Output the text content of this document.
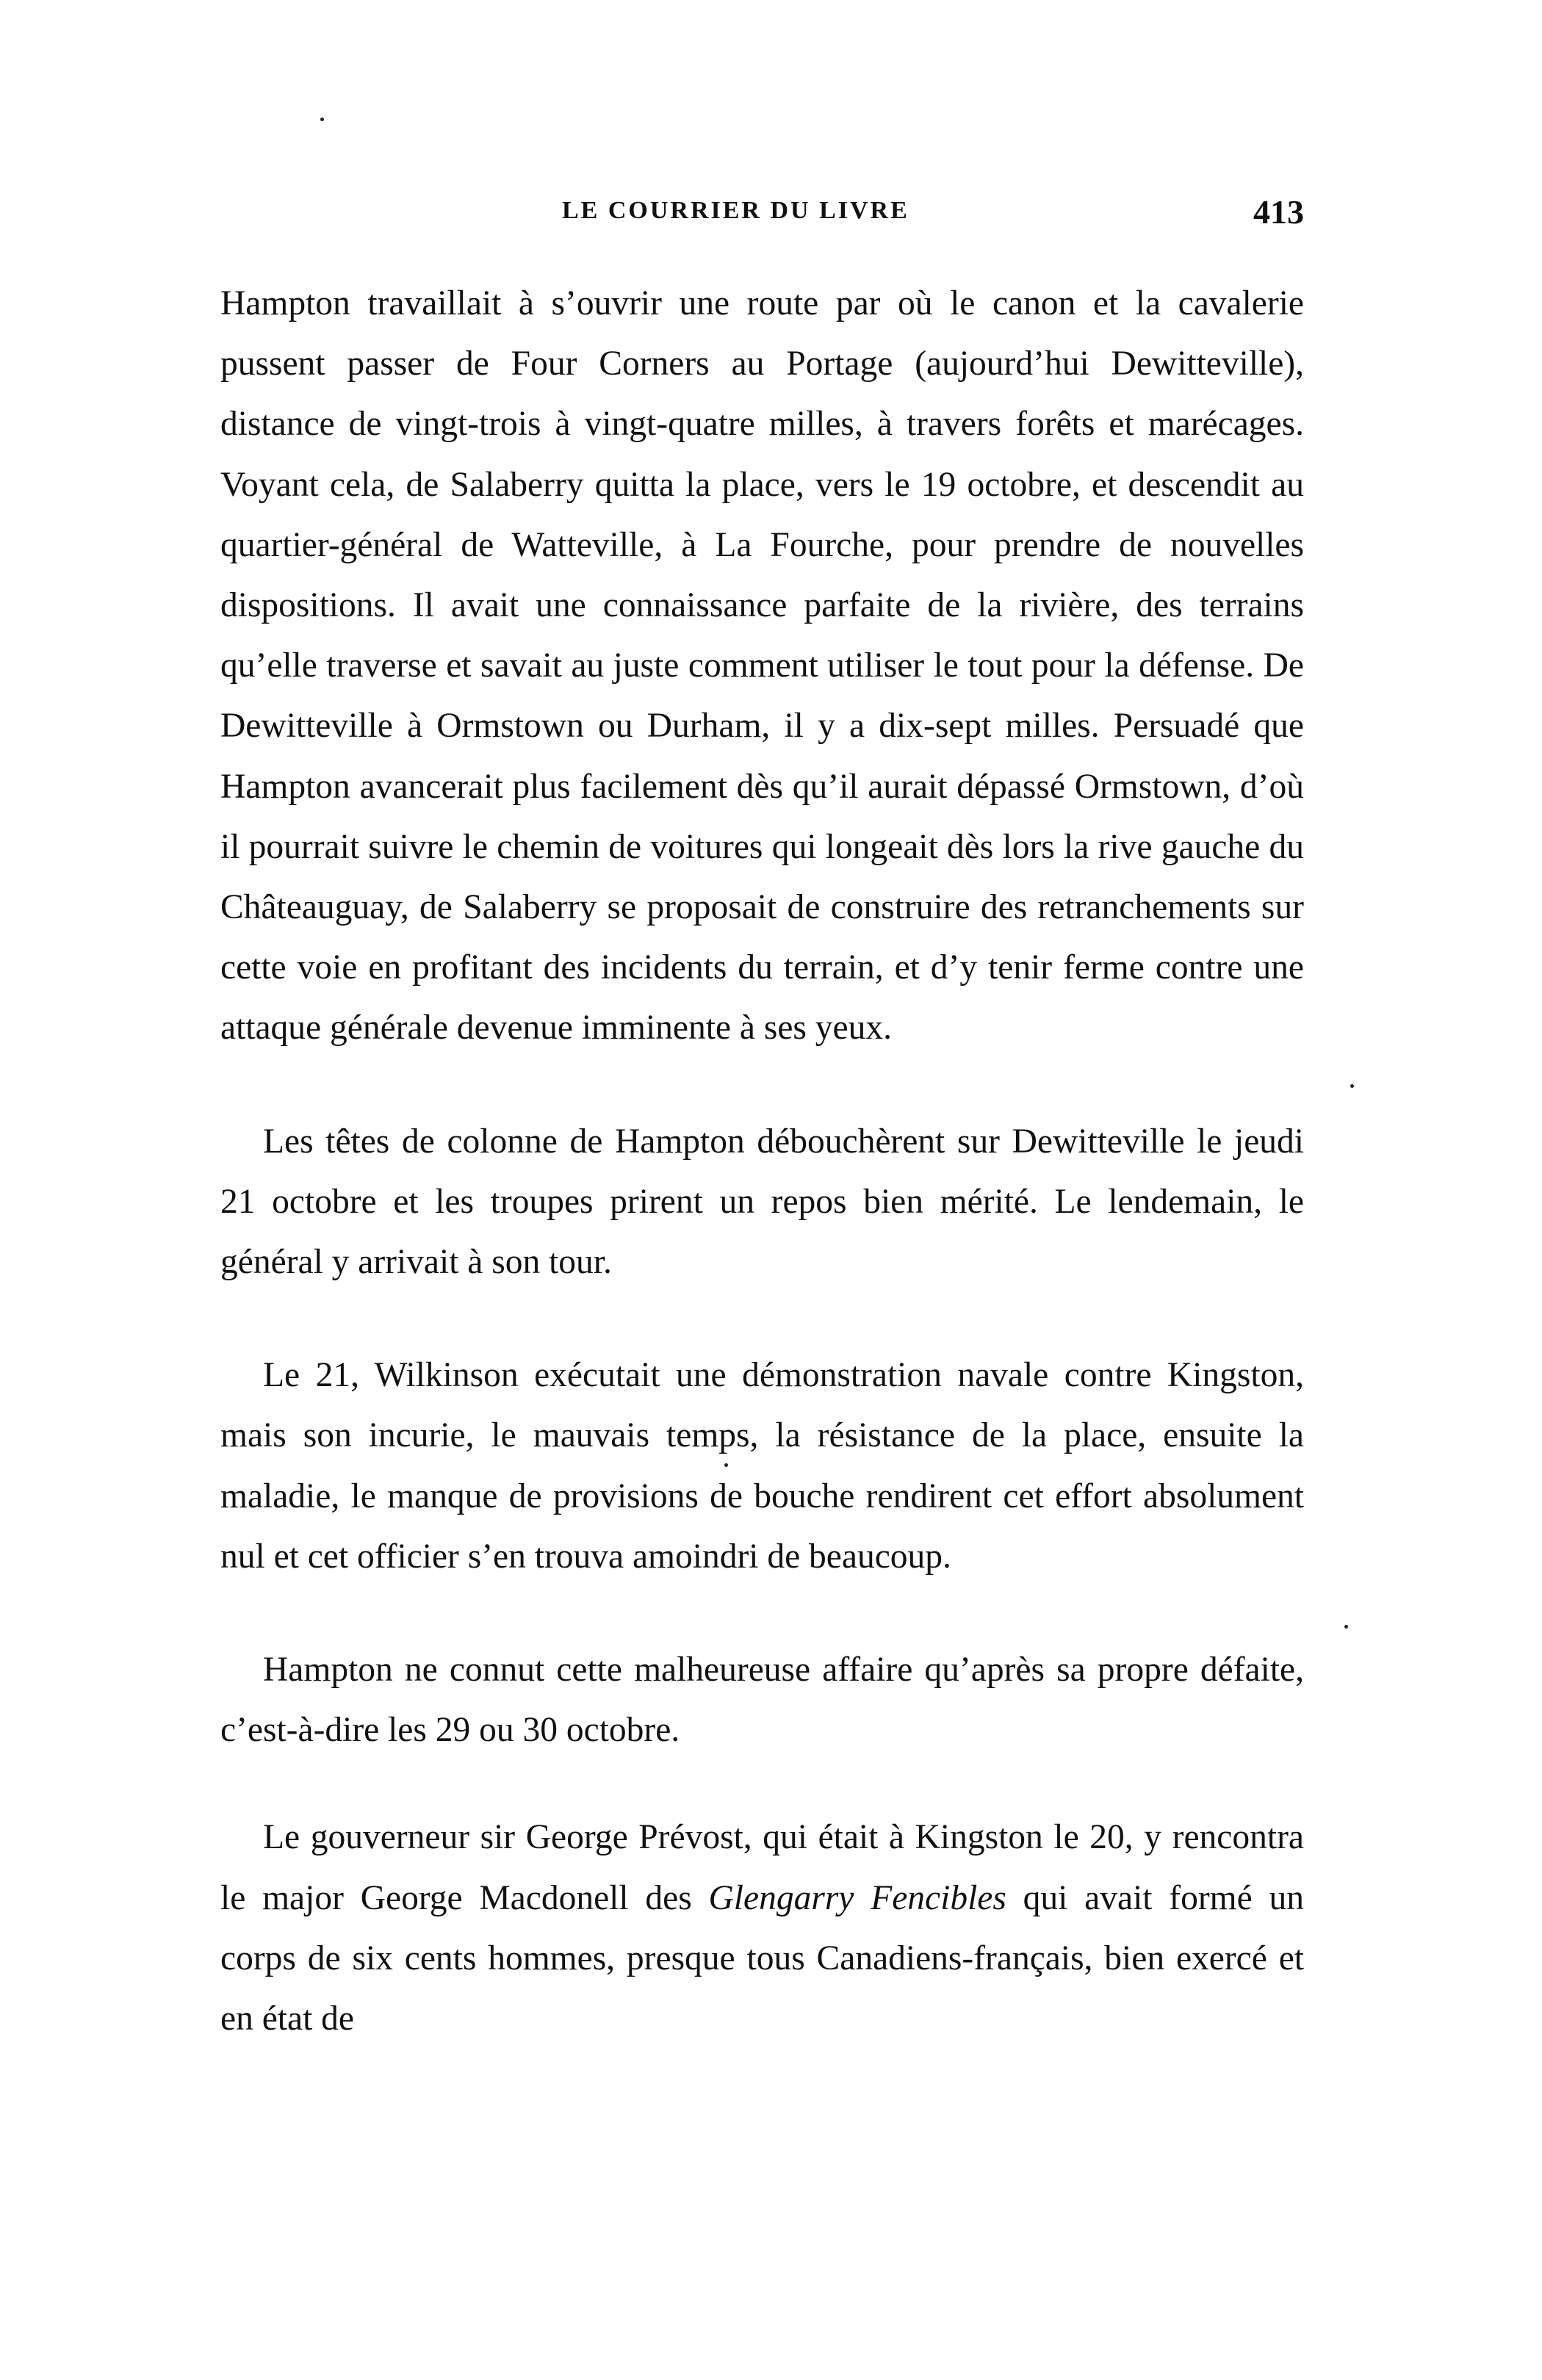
LE COURRIER DU LIVRE	413

Hampton travaillait à s’ouvrir une route par où le canon et la cavalerie pussent passer de Four Corners au Portage (aujourd’hui Dewitteville), distance de vingt-trois à vingt-quatre milles, à travers forêts et marécages. Voyant cela, de Salaberry quitta la place, vers le 19 octobre, et descendit au quartier-général de Watteville, à La Fourche, pour prendre de nouvelles dispositions. Il avait une connaissance parfaite de la rivière, des terrains qu’elle traverse et savait au juste comment utiliser le tout pour la défense. De Dewitteville à Ormstown ou Durham, il y a dix-sept milles. Persuadé que Hampton avancerait plus facilement dès qu’il aurait dépassé Ormstown, d’où il pourrait suivre le chemin de voitures qui longeait dès lors la rive gauche du Châteauguay, de Salaberry se proposait de construire des retranchements sur cette voie en profitant des incidents du terrain, et d’y tenir ferme contre une attaque générale devenue imminente à ses yeux.

Les têtes de colonne de Hampton débouchèrent sur Dewitteville le jeudi 21 octobre et les troupes prirent un repos bien mérité. Le lendemain, le général y arrivait à son tour.

Le 21, Wilkinson exécutait une démonstration navale contre Kingston, mais son incurie, le mauvais temps, la résistance de la place, ensuite la maladie, le manque de provisions de bouche rendirent cet effort absolument nul et cet officier s’en trouva amoindri de beaucoup.

Hampton ne connut cette malheureuse affaire qu’après sa propre défaite, c’est-à-dire les 29 ou 30 octobre.

Le gouverneur sir George Prévost, qui était à Kingston le 20, y rencontra le major George Macdonell des Glengarry Fencibles qui avait formé un corps de six cents hommes, presque tous Canadiens-français, bien exercé et en état de
